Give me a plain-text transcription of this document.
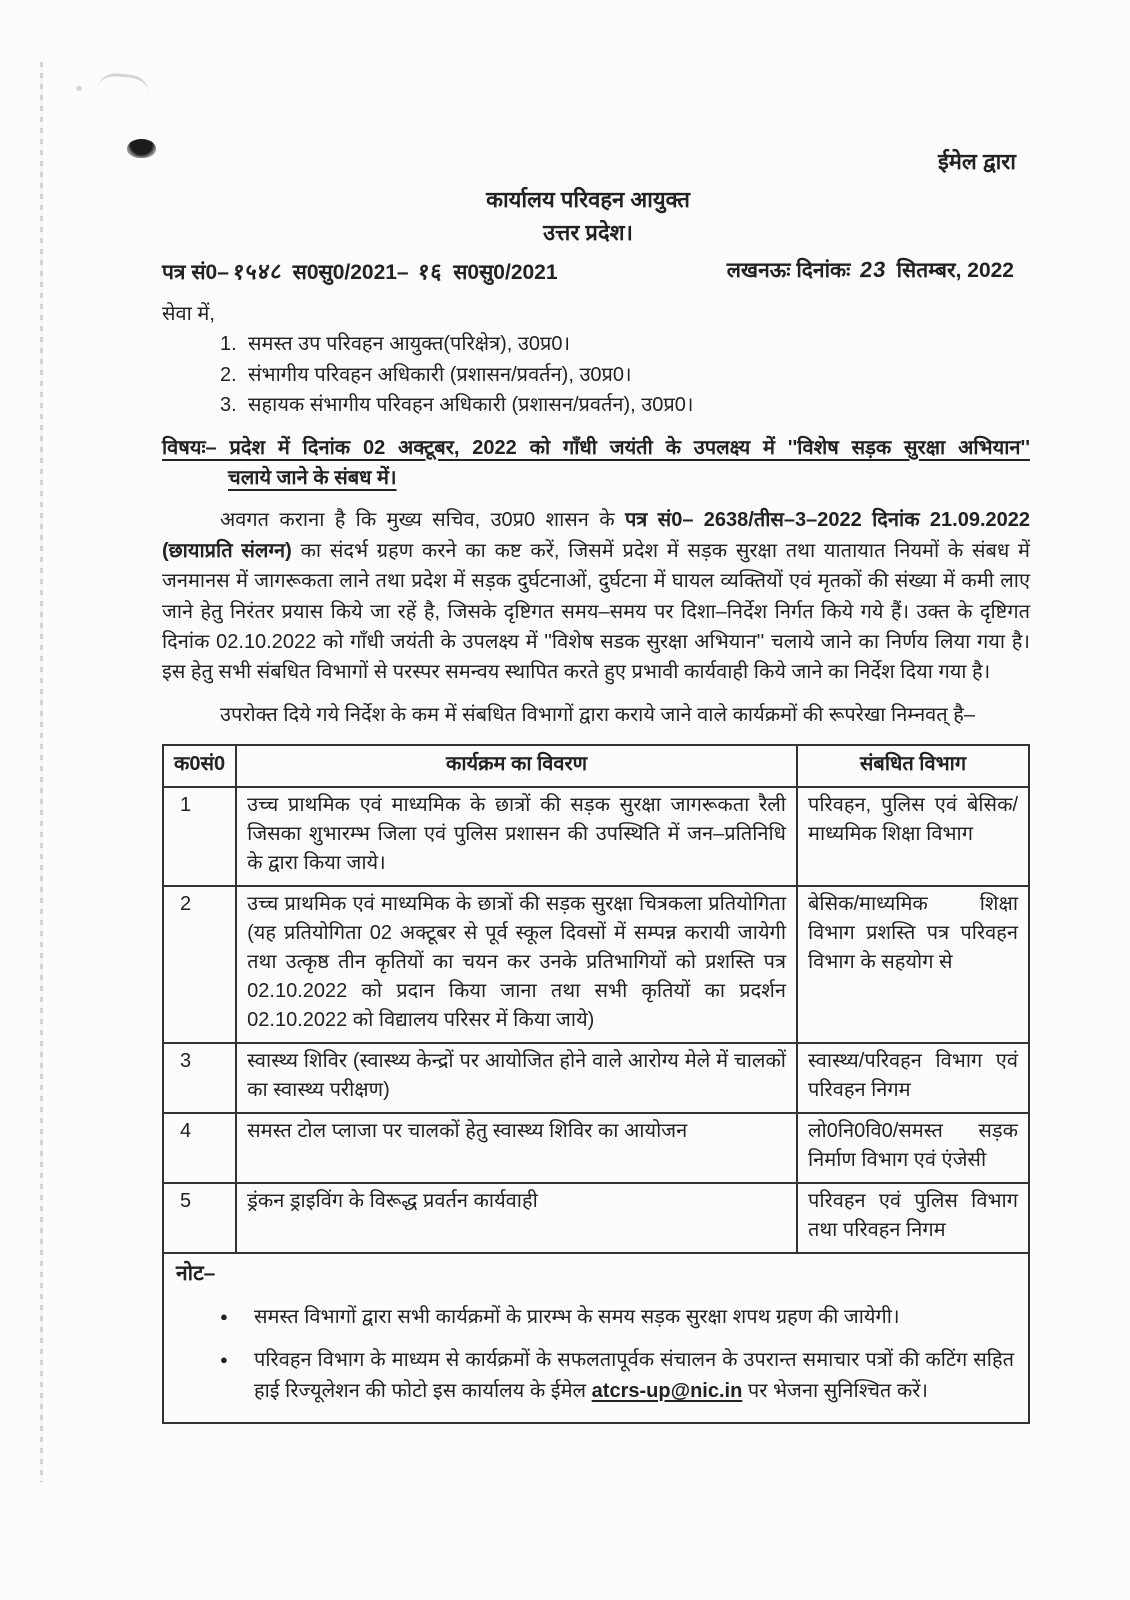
ईमेल द्वारा
कार्यालय परिवहन आयुक्त
उत्तर प्रदेश।
पत्र सं0– १५४८ स0सु0/2021– १६ स0सु0/2021	लखनऊः दिनांकः 23 सितम्बर, 2022
सेवा में,
1. समस्त उप परिवहन आयुक्त(परिक्षेत्र), उ0प्र0।
2. संभागीय परिवहन अधिकारी (प्रशासन/प्रवर्तन), उ0प्र0।
3. सहायक संभागीय परिवहन अधिकारी (प्रशासन/प्रवर्तन), उ0प्र0।
विषयः– प्रदेश में दिनांक 02 अक्टूबर, 2022 को गाँधी जयंती के उपलक्ष्य में ''विशेष सड़क सुरक्षा अभियान''
चलाये जाने के संबध में।
अवगत कराना है कि मुख्य सचिव, उ0प्र0 शासन के पत्र सं0– 2638/तीस–3–2022 दिनांक 21.09.2022 (छायाप्रति संलग्न) का संदर्भ ग्रहण करने का कष्ट करें, जिसमें प्रदेश में सड़क सुरक्षा तथा यातायात नियमों के संबध में जनमानस में जागरूकता लाने तथा प्रदेश में सड़क दुर्घटनाओं, दुर्घटना में घायल व्यक्तियों एवं मृतकों की संख्या में कमी लाए जाने हेतु निरंतर प्रयास किये जा रहें है, जिसके दृष्टिगत समय–समय पर दिशा–निर्देश निर्गत किये गये हैं। उक्त के दृष्टिगत दिनांक 02.10.2022 को गाँधी जयंती के उपलक्ष्य में ''विशेष सडक सुरक्षा अभियान'' चलाये जाने का निर्णय लिया गया है। इस हेतु सभी संबधित विभागों से परस्पर समन्वय स्थापित करते हुए प्रभावी कार्यवाही किये जाने का निर्देश दिया गया है।
उपरोक्त दिये गये निर्देश के कम में संबधित विभागों द्वारा कराये जाने वाले कार्यक्रमों की रूपरेखा निम्नवत् है–
क0सं0	कार्यक्रम का विवरण	संबधित विभाग
1	उच्च प्राथमिक एवं माध्यमिक के छात्रों की सड़क सुरक्षा जागरूकता रैली जिसका शुभारम्भ जिला एवं पुलिस प्रशासन की उपस्थिति में जन–प्रतिनिधि के द्वारा किया जाये।	परिवहन, पुलिस एवं बेसिक/माध्यमिक शिक्षा विभाग
2	उच्च प्राथमिक एवं माध्यमिक के छात्रों की सड़क सुरक्षा चित्रकला प्रतियोगिता (यह प्रतियोगिता 02 अक्टूबर से पूर्व स्कूल दिवसों में सम्पन्न करायी जायेगी तथा उत्कृष्ठ तीन कृतियों का चयन कर उनके प्रतिभागियों को प्रशस्ति पत्र 02.10.2022 को प्रदान किया जाना तथा सभी कृतियों का प्रदर्शन 02.10.2022 को विद्यालय परिसर में किया जाये)	बेसिक/माध्यमिक शिक्षा विभाग प्रशस्ति पत्र परिवहन विभाग के सहयोग से
3	स्वास्थ्य शिविर (स्वास्थ्य केन्द्रों पर आयोजित होने वाले आरोग्य मेले में चालकों का स्वास्थ्य परीक्षण)	स्वास्थ्य/परिवहन विभाग एवं परिवहन निगम
4	समस्त टोल प्लाजा पर चालकों हेतु स्वास्थ्य शिविर का आयोजन	लो0नि0वि0/समस्त सड़क निर्माण विभाग एवं एंजेसी
5	ड्रंकन ड्राइविंग के विरूद्ध प्रवर्तन कार्यवाही	परिवहन एवं पुलिस विभाग तथा परिवहन निगम
नोट–
●	समस्त विभागों द्वारा सभी कार्यक्रमों के प्रारम्भ के समय सड़क सुरक्षा शपथ ग्रहण की जायेगी।
●	परिवहन विभाग के माध्यम से कार्यक्रमों के सफलतापूर्वक संचालन के उपरान्त समाचार पत्रों की कटिंग सहित हाई रिज्यूलेशन की फोटो इस कार्यालय के ईमेल atcrs-up@nic.in पर भेजना सुनिश्चित करें।
